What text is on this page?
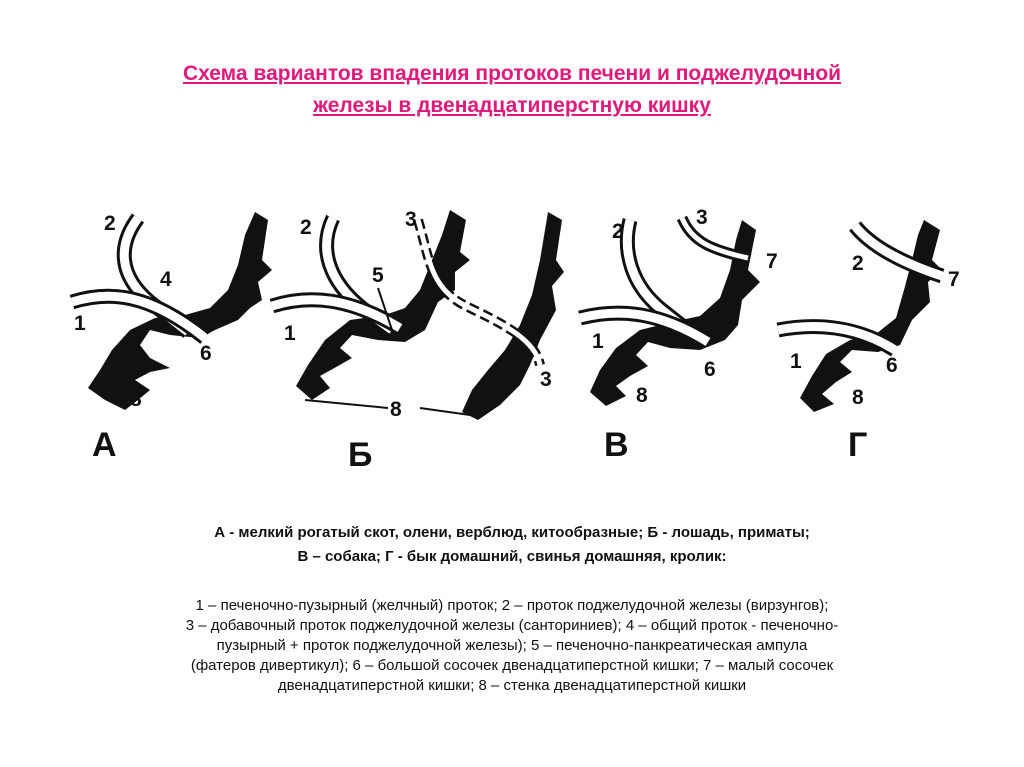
Схема вариантов впадения протоков печени и поджелудочной
железы в двенадцатиперстную кишку
2
4
1
6
8
А
2	3
5
1
3
8
Б
2
3
7
1
6
8
В
2
7
1	6
8
Г
А - мелкий рогатый скот, олени, верблюд, китообразные; Б - лошадь, приматы;
В – собака; Г - бык домашний, свинья домашняя, кролик:
1 – печеночно-пузырный (желчный) проток; 2 – проток поджелудочной железы (вирзунгов);
3 – добавочный проток поджелудочной железы (санториниев); 4 – общий проток - печеночно-
пузырный + проток поджелудочной железы); 5 – печеночно-панкреатическая ампула
(фатеров дивертикул); 6 – большой сосочек двенадцатиперстной кишки; 7 – малый сосочек
двенадцатиперстной кишки; 8 – стенка двенадцатиперстной кишки
